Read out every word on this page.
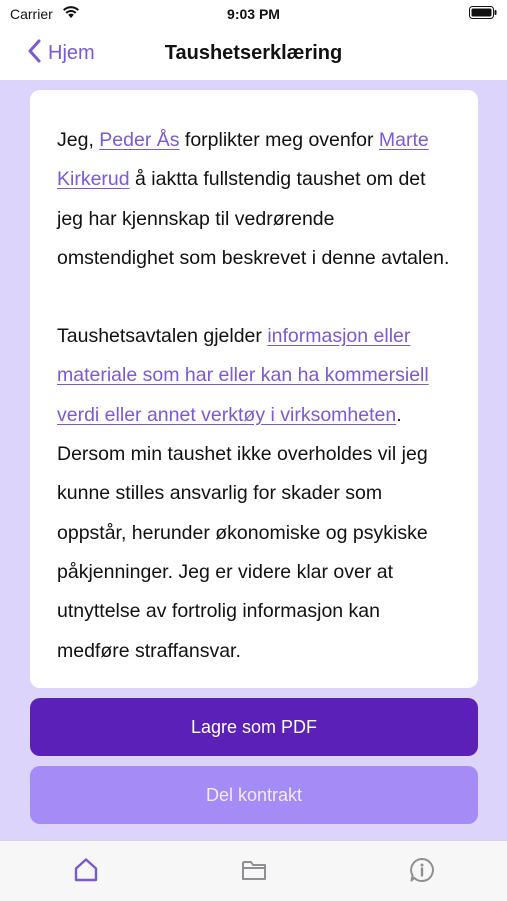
Carrier	9:03 PM
Hjem	Taushetserklæring

Jeg, Peder Ås forplikter meg ovenfor Marte Kirkerud å iaktta fullstendig taushet om det jeg har kjennskap til vedrørende omstendighet som beskrevet i denne avtalen.

Taushetsavtalen gjelder informasjon eller materiale som har eller kan ha kommersiell verdi eller annet verktøy i virksomheten. Dersom min taushet ikke overholdes vil jeg kunne stilles ansvarlig for skader som oppstår, herunder økonomiske og psykiske påkjenninger. Jeg er videre klar over at utnyttelse av fortrolig informasjon kan medføre straffansvar.

Lagre som PDF
Del kontrakt
